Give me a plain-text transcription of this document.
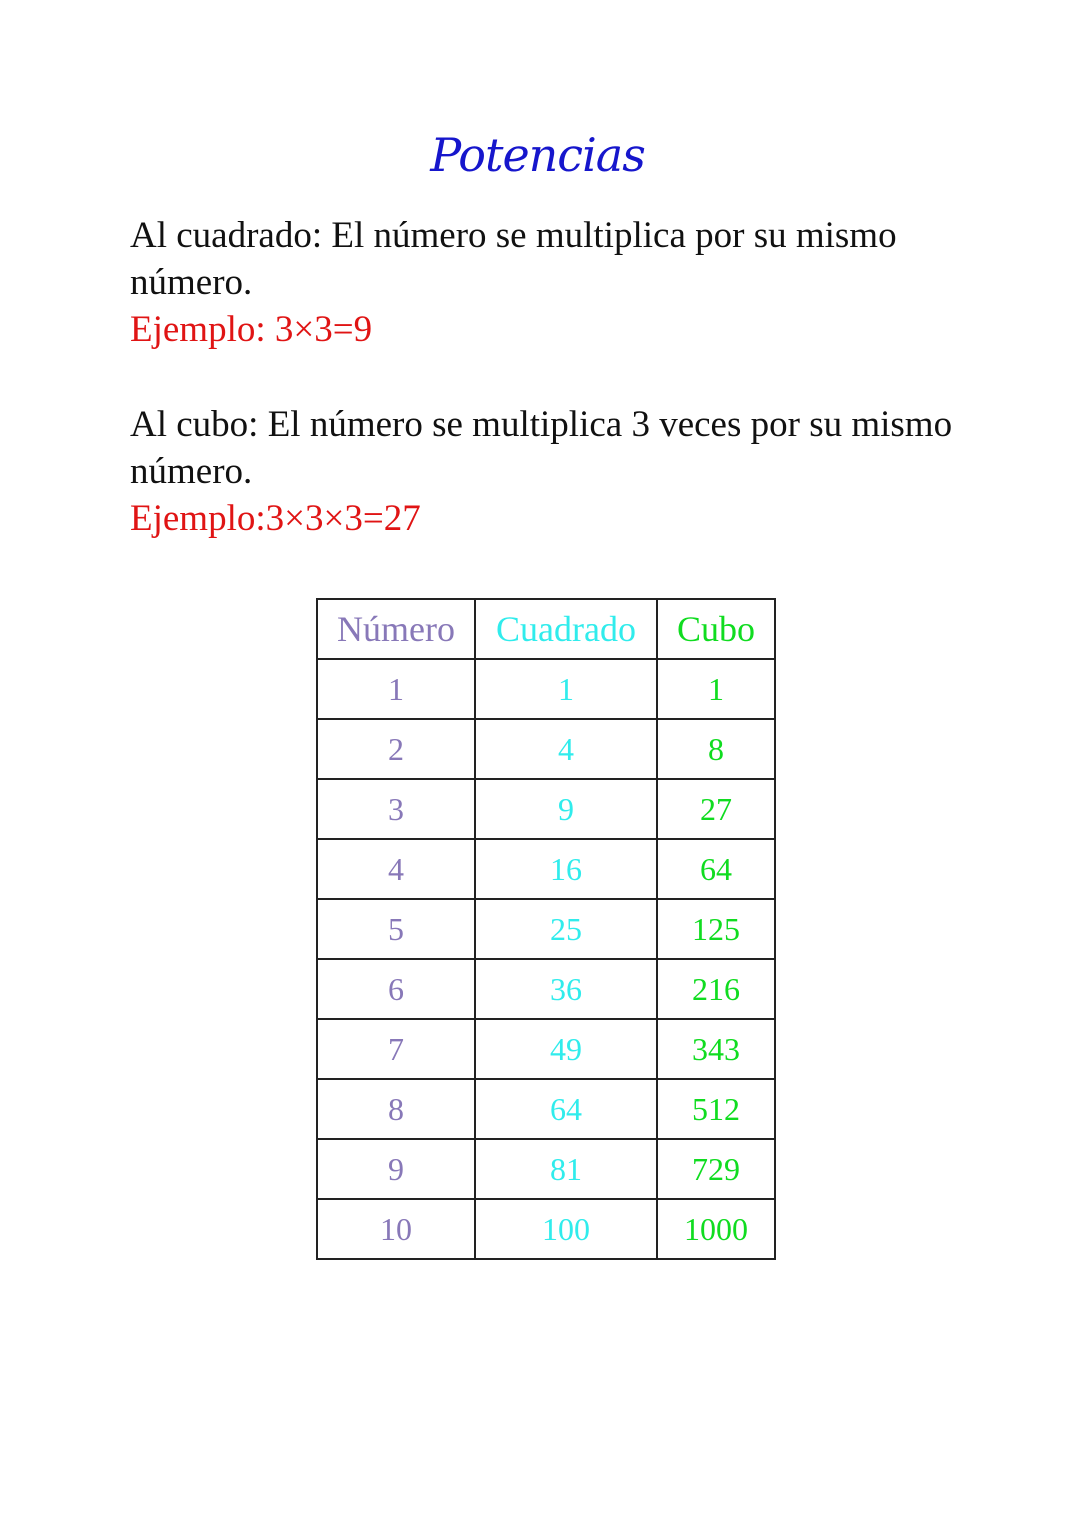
Potencias
Al cuadrado: El número se multiplica por su mismo número.
Ejemplo: 3×3=9
Al cubo: El número se multiplica 3 veces por su mismo número.
Ejemplo:3×3×3=27
Número	Cuadrado	Cubo
1	1	1
2	4	8
3	9	27
4	16	64
5	25	125
6	36	216
7	49	343
8	64	512
9	81	729
10	100	1000
